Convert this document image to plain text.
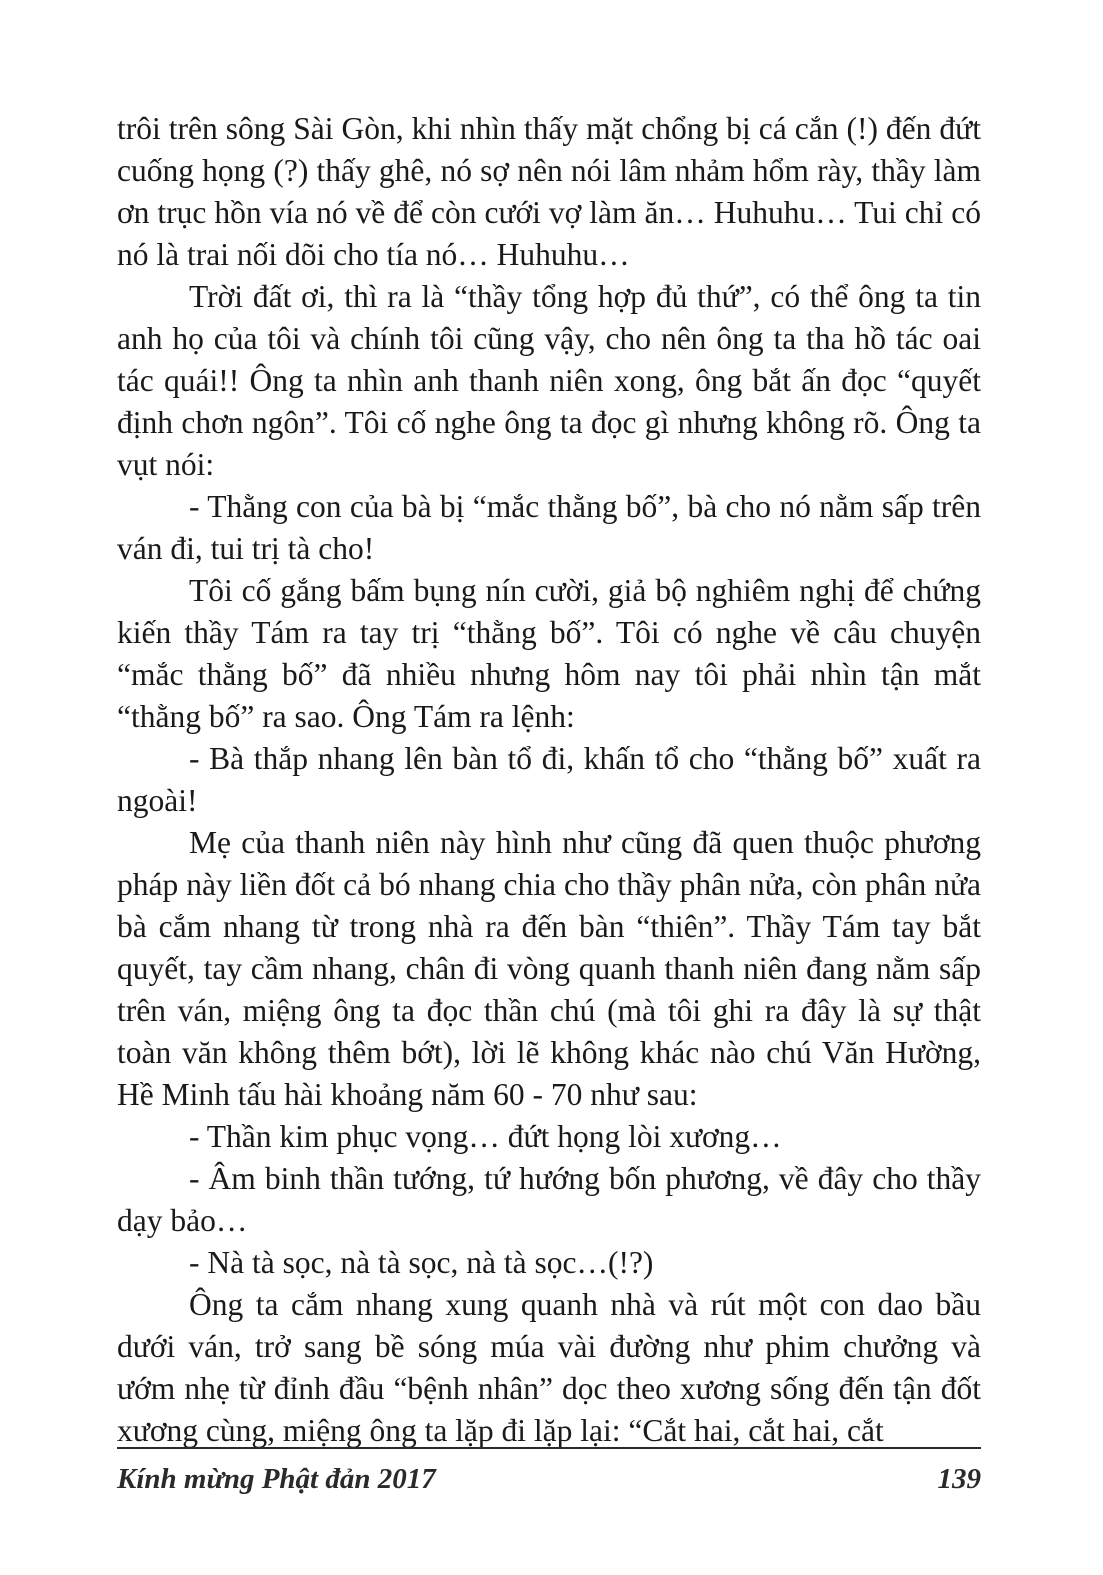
trôi trên sông Sài Gòn, khi nhìn thấy mặt chổng bị cá cắn (!) đến đứt cuống họng (?) thấy ghê, nó sợ nên nói lâm nhảm hổm rày, thầy làm ơn trục hồn vía nó về để còn cưới vợ làm ăn… Huhuhu… Tui chỉ có nó là trai nối dõi cho tía nó… Huhuhu…

Trời đất ơi, thì ra là “thầy tổng hợp đủ thứ”, có thể ông ta tin anh họ của tôi và chính tôi cũng vậy, cho nên ông ta tha hồ tác oai tác quái!! Ông ta nhìn anh thanh niên xong, ông bắt ấn đọc “quyết định chơn ngôn”. Tôi cố nghe ông ta đọc gì nhưng không rõ. Ông ta vụt nói:

- Thằng con của bà bị “mắc thằng bố”, bà cho nó nằm sấp trên ván đi, tui trị tà cho!

Tôi cố gắng bấm bụng nín cười, giả bộ nghiêm nghị để chứng kiến thầy Tám ra tay trị “thằng bố”. Tôi có nghe về câu chuyện “mắc thằng bố” đã nhiều nhưng hôm nay tôi phải nhìn tận mắt “thằng bố” ra sao. Ông Tám ra lệnh:

- Bà thắp nhang lên bàn tổ đi, khấn tổ cho “thằng bố” xuất ra ngoài!

Mẹ của thanh niên này hình như cũng đã quen thuộc phương pháp này liền đốt cả bó nhang chia cho thầy phân nửa, còn phân nửa bà cắm nhang từ trong nhà ra đến bàn “thiên”. Thầy Tám tay bắt quyết, tay cầm nhang, chân đi vòng quanh thanh niên đang nằm sấp trên ván, miệng ông ta đọc thần chú (mà tôi ghi ra đây là sự thật toàn văn không thêm bớt), lời lẽ không khác nào chú Văn Hường, Hề Minh tấu hài khoảng năm 60 - 70 như sau:

- Thần kim phục vọng… đứt họng lòi xương…

- Âm binh thần tướng, tứ hướng bốn phương, về đây cho thầy dạy bảo…

- Nà tà sọc, nà tà sọc, nà tà sọc…(!?)

Ông ta cắm nhang xung quanh nhà và rút một con dao bầu dưới ván, trở sang bề sóng múa vài đường như phim chưởng và ướm nhẹ từ đỉnh đầu “bệnh nhân” dọc theo xương sống đến tận đốt xương cùng, miệng ông ta lặp đi lặp lại: “Cắt hai, cắt hai, cắt

Kính mừng Phật đản 2017	139
